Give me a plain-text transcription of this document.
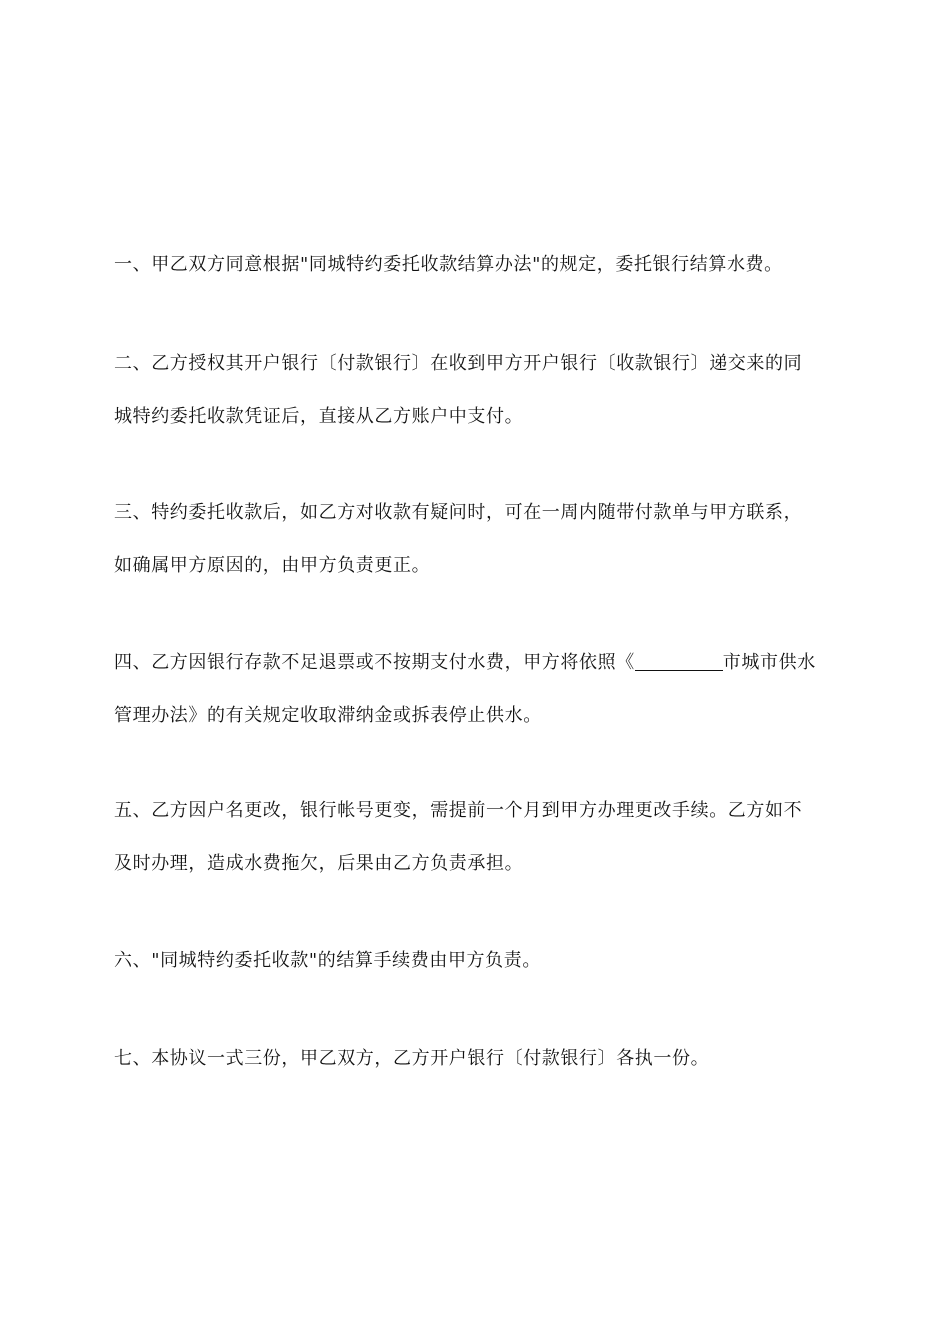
一、甲乙双方同意根据"同城特约委托收款结算办法"的规定，委托银行结算水费。

二、乙方授权其开户银行〔付款银行〕在收到甲方开户银行〔收款银行〕递交来的同
城特约委托收款凭证后，直接从乙方账户中支付。

三、特约委托收款后，如乙方对收款有疑问时，可在一周内随带付款单与甲方联系，
如确属甲方原因的，由甲方负责更正。

四、乙方因银行存款不足退票或不按期支付水费，甲方将依照《	市城市供水
管理办法》的有关规定收取滞纳金或拆表停止供水。

五、乙方因户名更改，银行帐号更变，需提前一个月到甲方办理更改手续。乙方如不
及时办理，造成水费拖欠，后果由乙方负责承担。

六、"同城特约委托收款"的结算手续费由甲方负责。

七、本协议一式三份，甲乙双方，乙方开户银行〔付款银行〕各执一份。
